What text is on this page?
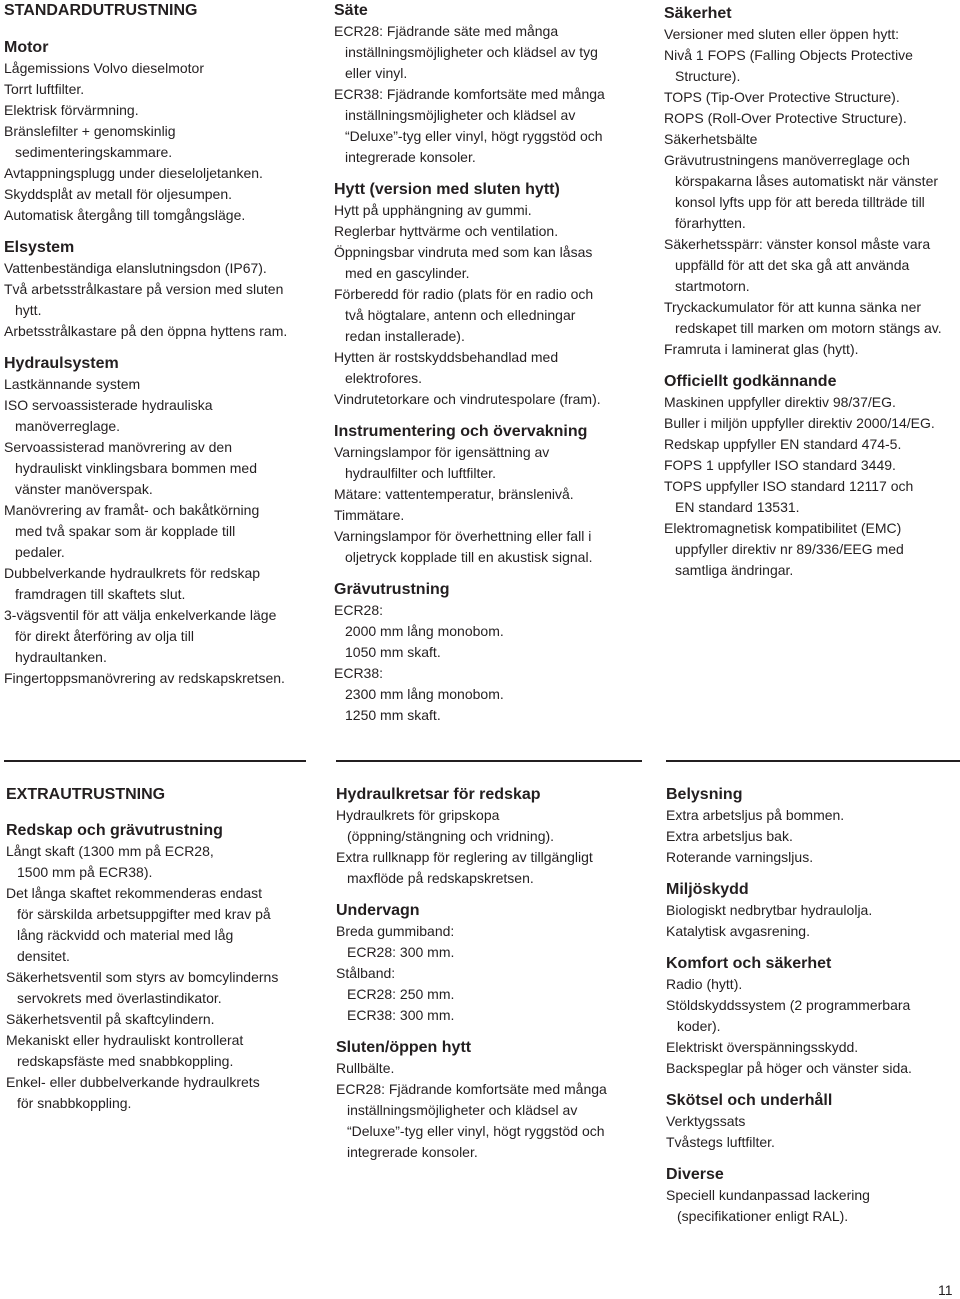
STANDARDUTRUSTNING
Motor
Lågemissions Volvo dieselmotor
Torrt luftfilter.
Elektrisk förvärmning.
Bränslefilter + genomskinlig
sedimenteringskammare.
Avtappningsplugg under dieseloljetanken.
Skyddsplåt av metall för oljesumpen.
Automatisk återgång till tomgångsläge.
Elsystem
Vattenbeständiga elanslutningsdon (IP67).
Två arbetsstrålkastare på version med sluten
hytt.
Arbetsstrålkastare på den öppna hyttens ram.
Hydraulsystem
Lastkännande system
ISO servoassisterade hydrauliska
manöverreglage.
Servoassisterad manövrering av den
hydrauliskt vinklingsbara bommen med
vänster manöverspak.
Manövrering av framåt- och bakåtkörning
med två spakar som är kopplade till
pedaler.
Dubbelverkande hydraulkrets för redskap
framdragen till skaftets slut.
3-vägsventil för att välja enkelverkande läge
för direkt återföring av olja till
hydraultanken.
Fingertoppsmanövrering av redskapskretsen.
Säte
ECR28: Fjädrande säte med många
inställningsmöjligheter och klädsel av tyg
eller vinyl.
ECR38: Fjädrande komfortsäte med många
inställningsmöjligheter och klädsel av
“Deluxe”-tyg eller vinyl, högt ryggstöd och
integrerade konsoler.
Hytt (version med sluten hytt)
Hytt på upphängning av gummi.
Reglerbar hyttvärme och ventilation.
Öppningsbar vindruta med som kan låsas
med en gascylinder.
Förberedd för radio (plats för en radio och
två högtalare, antenn och elledningar
redan installerade).
Hytten är rostskyddsbehandlad med
elektrofores.
Vindrutetorkare och vindrutespolare (fram).
Instrumentering och övervakning
Varningslampor för igensättning av
hydraulfilter och luftfilter.
Mätare: vattentemperatur, bränslenivå.
Timmätare.
Varningslampor för överhettning eller fall i
oljetryck kopplade till en akustisk signal.
Grävutrustning
ECR28:
2000 mm lång monobom.
1050 mm skaft.
ECR38:
2300 mm lång monobom.
1250 mm skaft.
Säkerhet
Versioner med sluten eller öppen hytt:
Nivå 1 FOPS (Falling Objects Protective
Structure).
TOPS (Tip-Over Protective Structure).
ROPS (Roll-Over Protective Structure).
Säkerhetsbälte
Grävutrustningens manöverreglage och
körspakarna låses automatiskt när vänster
konsol lyfts upp för att bereda tillträde till
förarhytten.
Säkerhetsspärr: vänster konsol måste vara
uppfälld för att det ska gå att använda
startmotorn.
Tryckackumulator för att kunna sänka ner
redskapet till marken om motorn stängs av.
Framruta i laminerat glas (hytt).
Officiellt godkännande
Maskinen uppfyller direktiv 98/37/EG.
Buller i miljön uppfyller direktiv 2000/14/EG.
Redskap uppfyller EN standard 474-5.
FOPS 1 uppfyller ISO standard 3449.
TOPS uppfyller ISO standard 12117 och
EN standard 13531.
Elektromagnetisk kompatibilitet (EMC)
uppfyller direktiv nr 89/336/EEG med
samtliga ändringar.
EXTRAUTRUSTNING
Redskap och grävutrustning
Långt skaft (1300 mm på ECR28,
1500 mm på ECR38).
Det långa skaftet rekommenderas endast
för särskilda arbetsuppgifter med krav på
lång räckvidd och material med låg
densitet.
Säkerhetsventil som styrs av bomcylinderns
servokrets med överlastindikator.
Säkerhetsventil på skaftcylindern.
Mekaniskt eller hydrauliskt kontrollerat
redskapsfäste med snabbkoppling.
Enkel- eller dubbelverkande hydraulkrets
för snabbkoppling.
Hydraulkretsar för redskap
Hydraulkrets för gripskopa
(öppning/stängning och vridning).
Extra rullknapp för reglering av tillgängligt
maxflöde på redskapskretsen.
Undervagn
Breda gummiband:
ECR28: 300 mm.
Stålband:
ECR28: 250 mm.
ECR38: 300 mm.
Sluten/öppen hytt
Rullbälte.
ECR28: Fjädrande komfortsäte med många
inställningsmöjligheter och klädsel av
“Deluxe”-tyg eller vinyl, högt ryggstöd och
integrerade konsoler.
Belysning
Extra arbetsljus på bommen.
Extra arbetsljus bak.
Roterande varningsljus.
Miljöskydd
Biologiskt nedbrytbar hydraulolja.
Katalytisk avgasrening.
Komfort och säkerhet
Radio (hytt).
Stöldskyddssystem (2 programmerbara
koder).
Elektriskt överspänningsskydd.
Backspeglar på höger och vänster sida.
Skötsel och underhåll
Verktygssats
Tvåstegs luftfilter.
Diverse
Speciell kundanpassad lackering
(specifikationer enligt RAL).
11
